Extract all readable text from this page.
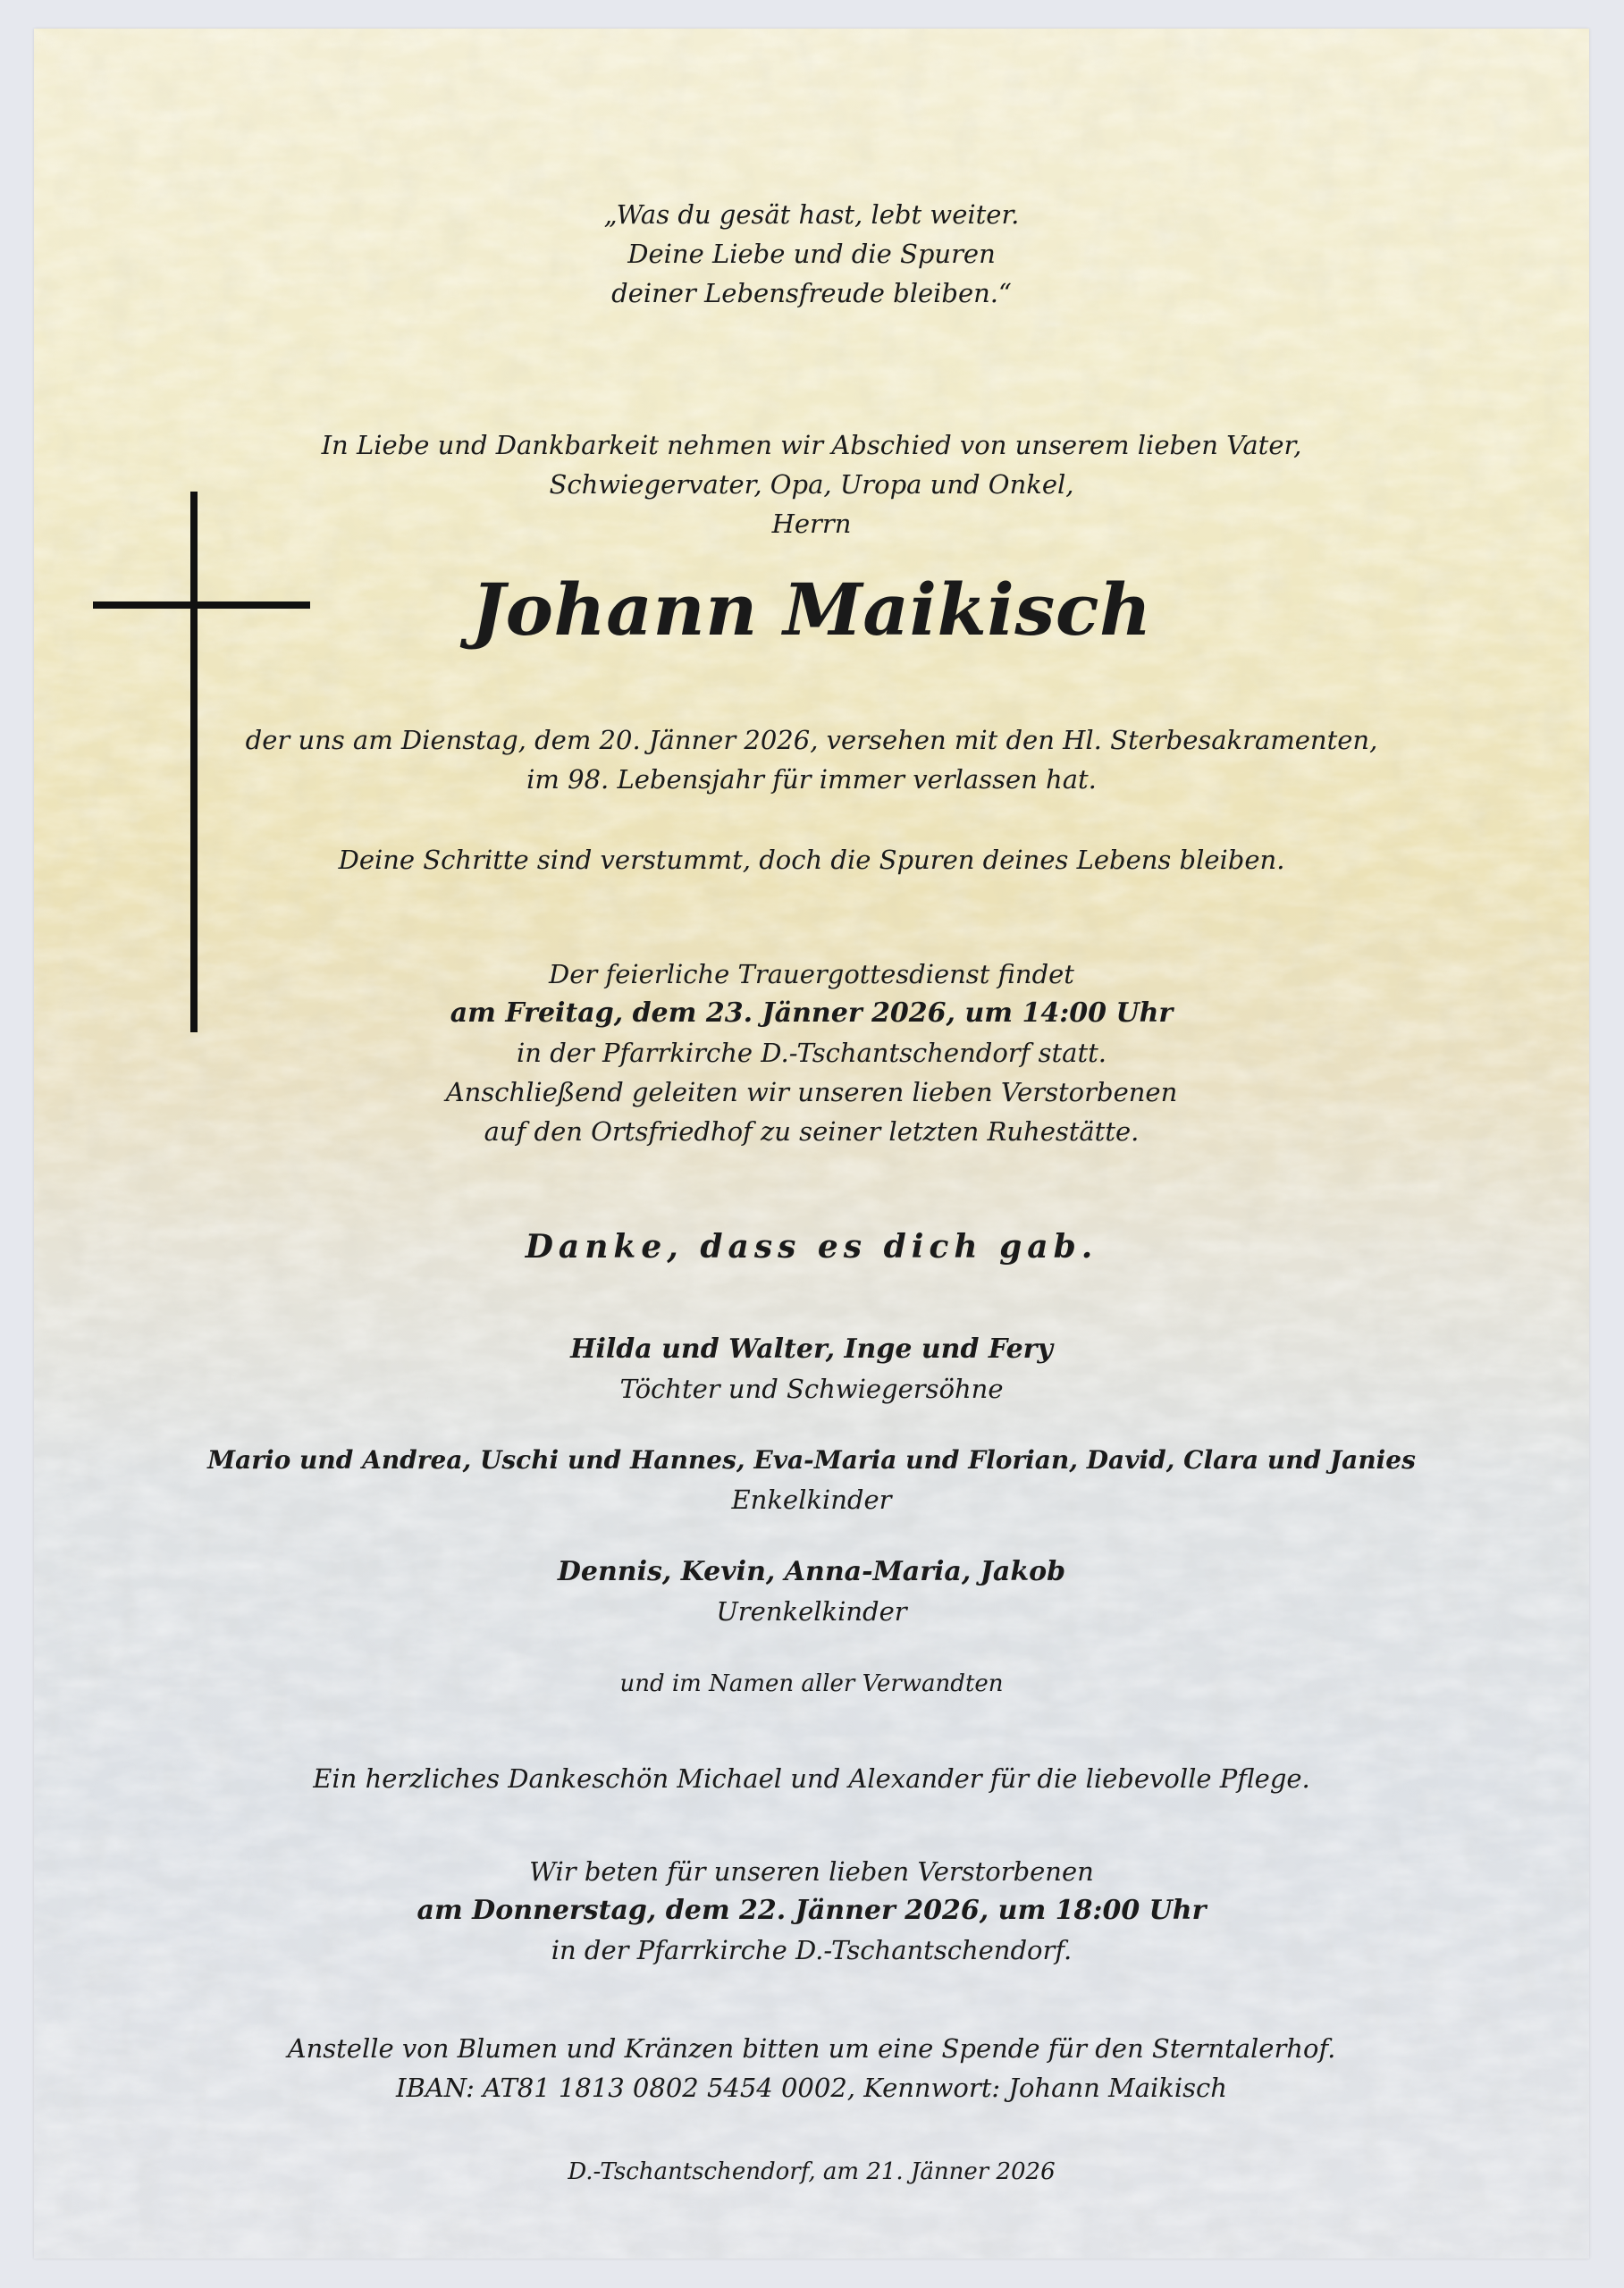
„Was du gesät hast, lebt weiter.
Deine Liebe und die Spuren
deiner Lebensfreude bleiben.“
In Liebe und Dankbarkeit nehmen wir Abschied von unserem lieben Vater,
Schwiegervater, Opa, Uropa und Onkel,
Herrn
Johann Maikisch
der uns am Dienstag, dem 20. Jänner 2026, versehen mit den Hl. Sterbesakramenten,
im 98. Lebensjahr für immer verlassen hat.
Deine Schritte sind verstummt, doch die Spuren deines Lebens bleiben.
Der feierliche Trauergottesdienst findet
am Freitag, dem 23. Jänner 2026, um 14:00 Uhr
in der Pfarrkirche D.-Tschantschendorf statt.
Anschließend geleiten wir unseren lieben Verstorbenen
auf den Ortsfriedhof zu seiner letzten Ruhestätte.
Danke, dass es dich gab.
Hilda und Walter, Inge und Fery
Töchter und Schwiegersöhne
Mario und Andrea, Uschi und Hannes, Eva-Maria und Florian, David, Clara und Janies
Enkelkinder
Dennis, Kevin, Anna-Maria, Jakob
Urenkelkinder
und im Namen aller Verwandten
Ein herzliches Dankeschön Michael und Alexander für die liebevolle Pflege.
Wir beten für unseren lieben Verstorbenen
am Donnerstag, dem 22. Jänner 2026, um 18:00 Uhr
in der Pfarrkirche D.-Tschantschendorf.
Anstelle von Blumen und Kränzen bitten um eine Spende für den Sterntalerhof.
IBAN: AT81 1813 0802 5454 0002, Kennwort: Johann Maikisch
D.-Tschantschendorf, am 21. Jänner 2026
